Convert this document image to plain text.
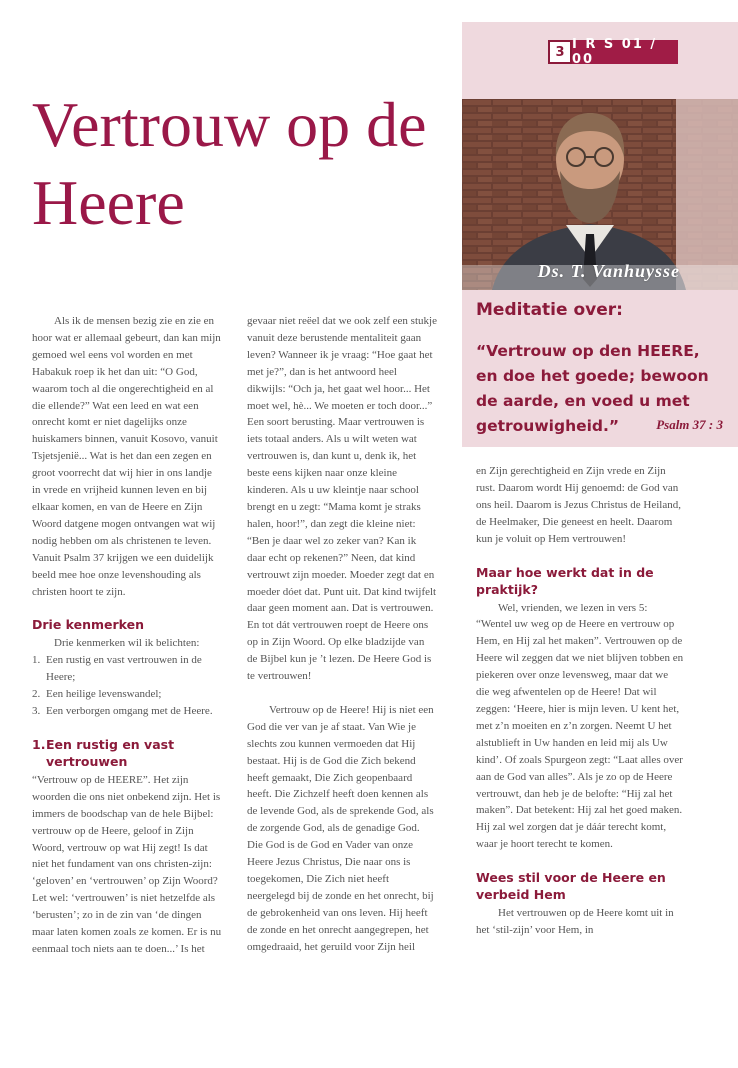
3 I R S 01 / 00
Vertrouw op de Heere
Ds. T. Vanhuysse
Meditatie over:

“Vertrouw op den HEERE, en doe het goede; bewoon de aarde, en voed u met getrouwigheid.”	Psalm 37 : 3

Als ik de mensen bezig zie en zie en hoor wat er allemaal gebeurt, dan kan mijn gemoed wel eens vol worden en met Habakuk roep ik het dan uit: “O God, waarom toch al die ongerechtigheid en al die ellende?” Wat een leed en wat een onrecht komt er niet dagelijks onze huiskamers binnen, vanuit Kosovo, vanuit Tsjetsjenië... Wat is het dan een zegen en groot voorrecht dat wij hier in ons landje in vrede en vrijheid kunnen leven en bij elkaar komen, en van de Heere en Zijn Woord datgene mogen ontvangen wat wij nodig hebben om als christenen te leven. Vanuit Psalm 37 krijgen we een duidelijk beeld mee hoe onze levenshouding als christen hoort te zijn.

Drie kenmerken

Drie kenmerken wil ik belichten:

1. Een rustig en vast vertrouwen in de Heere;
2. Een heilige levenswandel;
3. Een verborgen omgang met de Heere.
1. Een rustig en vast vertrouwen

“Vertrouw op de HEERE”. Het zijn woorden die ons niet onbekend zijn. Het is immers de boodschap van de hele Bijbel: vertrouw op de Heere, geloof in Zijn Woord, vertrouw op wat Hij zegt! Is dat niet het fundament van ons christen-zijn: ‘geloven’ en ‘vertrouwen’ op Zijn Woord? Let wel: ‘vertrouwen’ is niet hetzelfde als ‘berusten’; zo in de zin van ‘de dingen maar laten komen zoals ze komen. Er is nu eenmaal toch niets aan te doen...’ Is het

gevaar niet reëel dat we ook zelf een stukje vanuit deze berustende mentaliteit gaan leven? Wanneer ik je vraag: “Hoe gaat het met je?”, dan is het antwoord heel dikwijls: “Och ja, het gaat wel hoor... Het moet wel, hè... We moeten er toch door...” Een soort berusting. Maar vertrouwen is iets totaal anders. Als u wilt weten wat vertrouwen is, dan kunt u, denk ik, het beste eens kijken naar onze kleine kinderen. Als u uw kleintje naar school brengt en u zegt: “Mama komt je straks halen, hoor!”, dan zegt die kleine niet: “Ben je daar wel zo zeker van? Kan ik daar echt op rekenen?” Neen, dat kind vertrouwt zijn moeder. Moeder zegt dat en moeder dóet dat. Punt uit. Dat kind twijfelt daar geen moment aan. Dat is vertrouwen. En tot dát vertrouwen roept de Heere ons op in Zijn Woord. Op elke bladzijde van de Bijbel kun je ’t lezen. De Heere God is te vertrouwen!

Vertrouw op de Heere! Hij is niet een God die ver van je af staat. Van Wie je slechts zou kunnen vermoeden dat Hij bestaat. Hij is de God die Zich bekend heeft gemaakt, Die Zich geopenbaard heeft. Die Zichzelf heeft doen kennen als de levende God, als de sprekende God, als de zorgende God, als de genadige God. Die God is de God en Vader van onze Heere Jezus Christus, Die naar ons is toegekomen, Die Zich niet heeft neergelegd bij de zonde en het onrecht, bij de gebrokenheid van ons leven. Hij heeft de zonde en het onrecht aangegrepen, het omgedraaid, het geruild voor Zijn heil

en Zijn gerechtigheid en Zijn vrede en Zijn rust. Daarom wordt Hij genoemd: de God van ons heil. Daarom is Jezus Christus de Heiland, de Heelmaker, Die geneest en heelt. Daarom kun je voluit op Hem vertrouwen!

Maar hoe werkt dat in de praktijk?

Wel, vrienden, we lezen in vers 5: “Wentel uw weg op de Heere en vertrouw op Hem, en Hij zal het maken”. Vertrouwen op de Heere wil zeggen dat we niet blijven tobben en piekeren over onze levensweg, maar dat we die weg afwentelen op de Heere! Dat wil zeggen: ‘Heere, hier is mijn leven. U kent het, met z’n moeiten en z’n zorgen. Neemt U het alstublieft in Uw handen en leid mij als Uw kind’. Of zoals Spurgeon zegt: “Laat alles over aan de God van alles”. Als je zo op de Heere vertrouwt, dan heb je de belofte: “Hij zal het maken”. Dat betekent: Hij zal het goed maken. Hij zal wel zorgen dat je dáár terecht komt, waar je hoort terecht te komen.

Wees stil voor de Heere en verbeid Hem

Het vertrouwen op de Heere komt uit in het ‘stil-zijn’ voor Hem, in
